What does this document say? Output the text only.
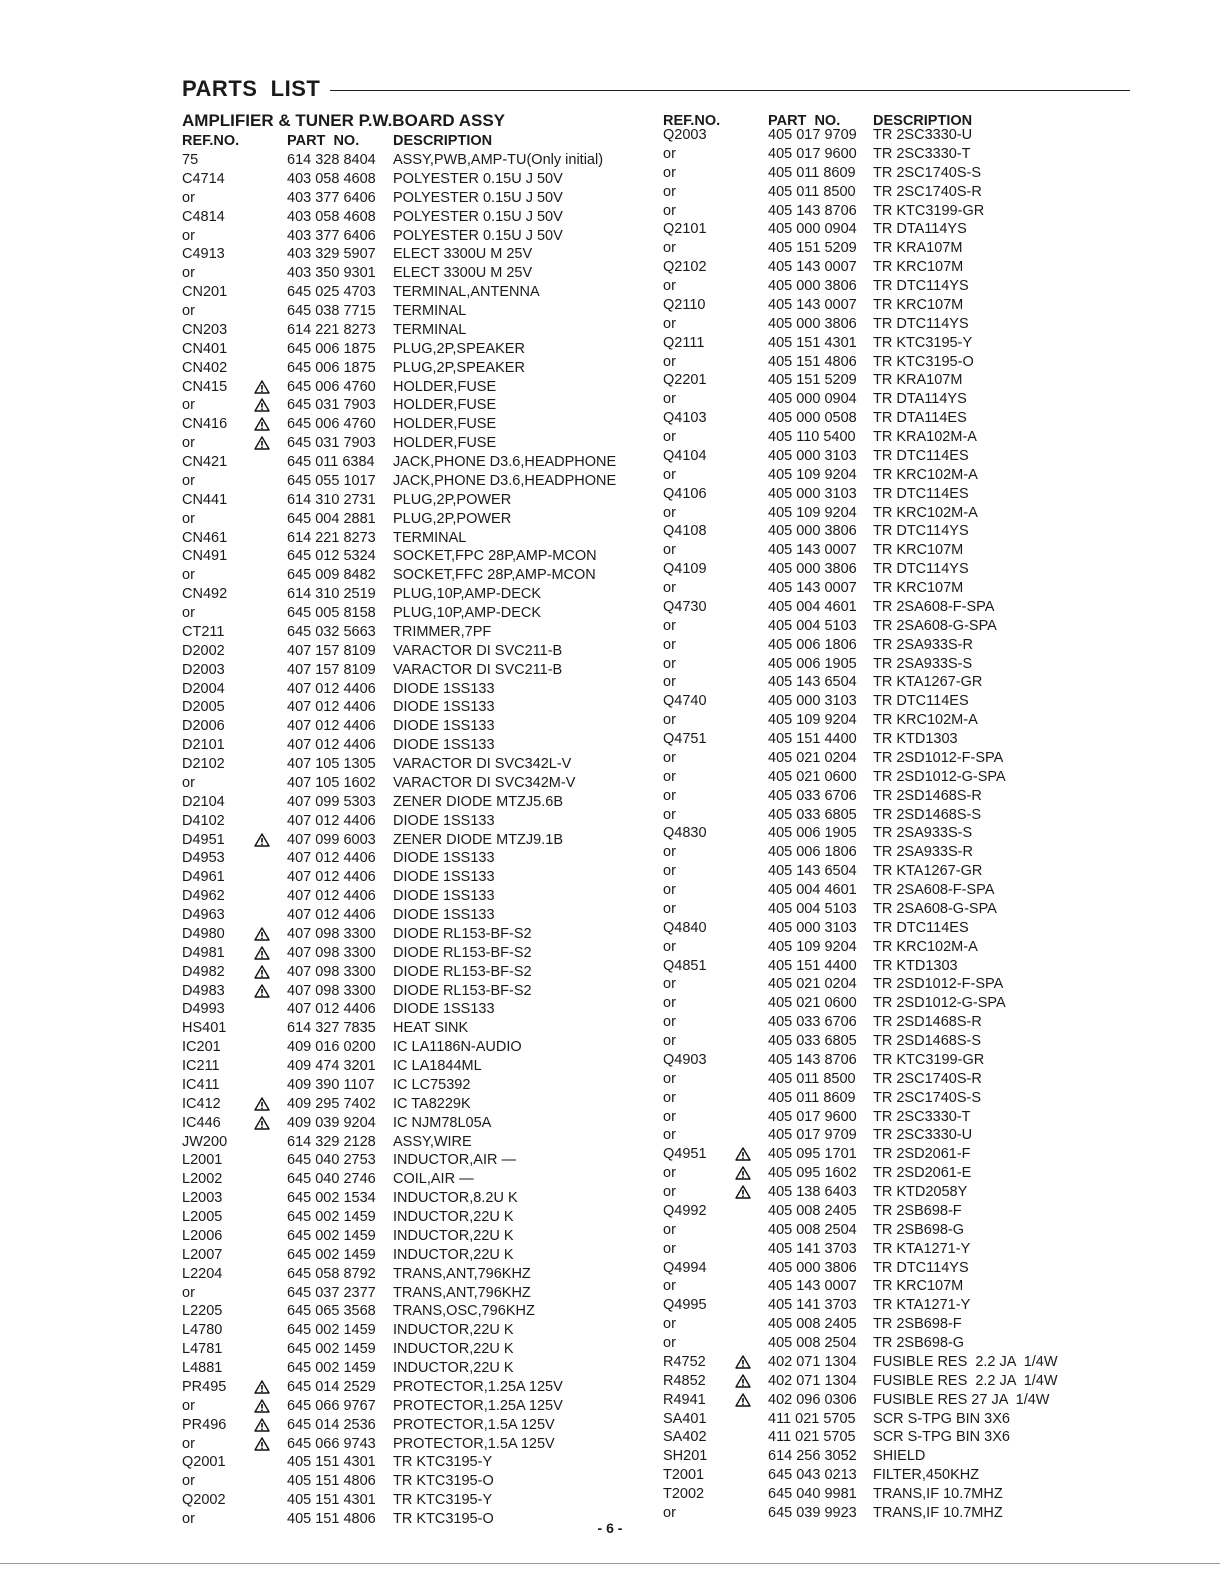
PARTS  LIST
AMPLIFIER & TUNER P.W.BOARD ASSY
REF.NO.	PART  NO. DESCRIPTION
75	614 328 8404 ASSY,PWB,AMP-TU(Only initial)
C4714	403 058 4608 POLYESTER 0.15U J 50V
or	403 377 6406 POLYESTER 0.15U J 50V
C4814	403 058 4608 POLYESTER 0.15U J 50V
or	403 377 6406 POLYESTER 0.15U J 50V
C4913	403 329 5907 ELECT 3300U M 25V
or	403 350 9301 ELECT 3300U M 25V
CN201	645 025 4703 TERMINAL,ANTENNA
or	645 038 7715 TERMINAL
CN203	614 221 8273 TERMINAL
CN401	645 006 1875 PLUG,2P,SPEAKER
CN402	645 006 1875 PLUG,2P,SPEAKER
CN415	645 006 4760 HOLDER,FUSE
or	645 031 7903 HOLDER,FUSE
CN416	645 006 4760 HOLDER,FUSE
or	645 031 7903 HOLDER,FUSE
CN421	645 011 6384 JACK,PHONE D3.6,HEADPHONE
or	645 055 1017 JACK,PHONE D3.6,HEADPHONE
CN441	614 310 2731 PLUG,2P,POWER
or	645 004 2881 PLUG,2P,POWER
CN461	614 221 8273 TERMINAL
CN491	645 012 5324 SOCKET,FPC 28P,AMP-MCON
or	645 009 8482 SOCKET,FFC 28P,AMP-MCON
CN492	614 310 2519 PLUG,10P,AMP-DECK
or	645 005 8158 PLUG,10P,AMP-DECK
CT211	645 032 5663 TRIMMER,7PF
D2002	407 157 8109 VARACTOR DI SVC211-B
D2003	407 157 8109 VARACTOR DI SVC211-B
D2004	407 012 4406 DIODE 1SS133
D2005	407 012 4406 DIODE 1SS133
D2006	407 012 4406 DIODE 1SS133
D2101	407 012 4406 DIODE 1SS133
D2102	407 105 1305 VARACTOR DI SVC342L-V
or	407 105 1602 VARACTOR DI SVC342M-V
D2104	407 099 5303 ZENER DIODE MTZJ5.6B
D4102	407 012 4406 DIODE 1SS133
D4951	407 099 6003 ZENER DIODE MTZJ9.1B
D4953	407 012 4406 DIODE 1SS133
D4961	407 012 4406 DIODE 1SS133
D4962	407 012 4406 DIODE 1SS133
D4963	407 012 4406 DIODE 1SS133
D4980	407 098 3300 DIODE RL153-BF-S2
D4981	407 098 3300 DIODE RL153-BF-S2
D4982	407 098 3300 DIODE RL153-BF-S2
D4983	407 098 3300 DIODE RL153-BF-S2
D4993	407 012 4406 DIODE 1SS133
HS401	614 327 7835 HEAT SINK
IC201	409 016 0200 IC LA1186N-AUDIO
IC211	409 474 3201 IC LA1844ML
IC411	409 390 1107 IC LC75392
IC412	409 295 7402 IC TA8229K
IC446	409 039 9204 IC NJM78L05A
JW200	614 329 2128 ASSY,WIRE
L2001	645 040 2753 INDUCTOR,AIR —
L2002	645 040 2746 COIL,AIR —
L2003	645 002 1534 INDUCTOR,8.2U K
L2005	645 002 1459 INDUCTOR,22U K
L2006	645 002 1459 INDUCTOR,22U K
L2007	645 002 1459 INDUCTOR,22U K
L2204	645 058 8792 TRANS,ANT,796KHZ
or	645 037 2377 TRANS,ANT,796KHZ
L2205	645 065 3568 TRANS,OSC,796KHZ
L4780	645 002 1459 INDUCTOR,22U K
L4781	645 002 1459 INDUCTOR,22U K
L4881	645 002 1459 INDUCTOR,22U K
PR495	645 014 2529 PROTECTOR,1.25A 125V
or	645 066 9767 PROTECTOR,1.25A 125V
PR496	645 014 2536 PROTECTOR,1.5A 125V
or	645 066 9743 PROTECTOR,1.5A 125V
Q2001	405 151 4301 TR KTC3195-Y
or	405 151 4806 TR KTC3195-O
Q2002	405 151 4301 TR KTC3195-Y
or	405 151 4806 TR KTC3195-O
REF.NO.	PART  NO. DESCRIPTION
Q2003	405 017 9709 TR 2SC3330-U
or	405 017 9600 TR 2SC3330-T
or	405 011 8609 TR 2SC1740S-S
or	405 011 8500 TR 2SC1740S-R
or	405 143 8706 TR KTC3199-GR
Q2101	405 000 0904 TR DTA114YS
or	405 151 5209 TR KRA107M
Q2102	405 143 0007 TR KRC107M
or	405 000 3806 TR DTC114YS
Q2110	405 143 0007 TR KRC107M
or	405 000 3806 TR DTC114YS
Q2111	405 151 4301 TR KTC3195-Y
or	405 151 4806 TR KTC3195-O
Q2201	405 151 5209 TR KRA107M
or	405 000 0904 TR DTA114YS
Q4103	405 000 0508 TR DTA114ES
or	405 110 5400 TR KRA102M-A
Q4104	405 000 3103 TR DTC114ES
or	405 109 9204 TR KRC102M-A
Q4106	405 000 3103 TR DTC114ES
or	405 109 9204 TR KRC102M-A
Q4108	405 000 3806 TR DTC114YS
or	405 143 0007 TR KRC107M
Q4109	405 000 3806 TR DTC114YS
or	405 143 0007 TR KRC107M
Q4730	405 004 4601 TR 2SA608-F-SPA
or	405 004 5103 TR 2SA608-G-SPA
or	405 006 1806 TR 2SA933S-R
or	405 006 1905 TR 2SA933S-S
or	405 143 6504 TR KTA1267-GR
Q4740	405 000 3103 TR DTC114ES
or	405 109 9204 TR KRC102M-A
Q4751	405 151 4400 TR KTD1303
or	405 021 0204 TR 2SD1012-F-SPA
or	405 021 0600 TR 2SD1012-G-SPA
or	405 033 6706 TR 2SD1468S-R
or	405 033 6805 TR 2SD1468S-S
Q4830	405 006 1905 TR 2SA933S-S
or	405 006 1806 TR 2SA933S-R
or	405 143 6504 TR KTA1267-GR
or	405 004 4601 TR 2SA608-F-SPA
or	405 004 5103 TR 2SA608-G-SPA
Q4840	405 000 3103 TR DTC114ES
or	405 109 9204 TR KRC102M-A
Q4851	405 151 4400 TR KTD1303
or	405 021 0204 TR 2SD1012-F-SPA
or	405 021 0600 TR 2SD1012-G-SPA
or	405 033 6706 TR 2SD1468S-R
or	405 033 6805 TR 2SD1468S-S
Q4903	405 143 8706 TR KTC3199-GR
or	405 011 8500 TR 2SC1740S-R
or	405 011 8609 TR 2SC1740S-S
or	405 017 9600 TR 2SC3330-T
or	405 017 9709 TR 2SC3330-U
Q4951	405 095 1701 TR 2SD2061-F
or	405 095 1602 TR 2SD2061-E
or	405 138 6403 TR KTD2058Y
Q4992	405 008 2405 TR 2SB698-F
or	405 008 2504 TR 2SB698-G
or	405 141 3703 TR KTA1271-Y
Q4994	405 000 3806 TR DTC114YS
or	405 143 0007 TR KRC107M
Q4995	405 141 3703 TR KTA1271-Y
or	405 008 2405 TR 2SB698-F
or	405 008 2504 TR 2SB698-G
R4752	402 071 1304 FUSIBLE RES  2.2 JA  1/4W
R4852	402 071 1304 FUSIBLE RES  2.2 JA  1/4W
R4941	402 096 0306 FUSIBLE RES 27 JA  1/4W
SA401	411 021 5705 SCR S-TPG BIN 3X6
SA402	411 021 5705 SCR S-TPG BIN 3X6
SH201	614 256 3052 SHIELD
T2001	645 043 0213 FILTER,450KHZ
T2002	645 040 9981 TRANS,IF 10.7MHZ
or	645 039 9923 TRANS,IF 10.7MHZ
- 6 -
